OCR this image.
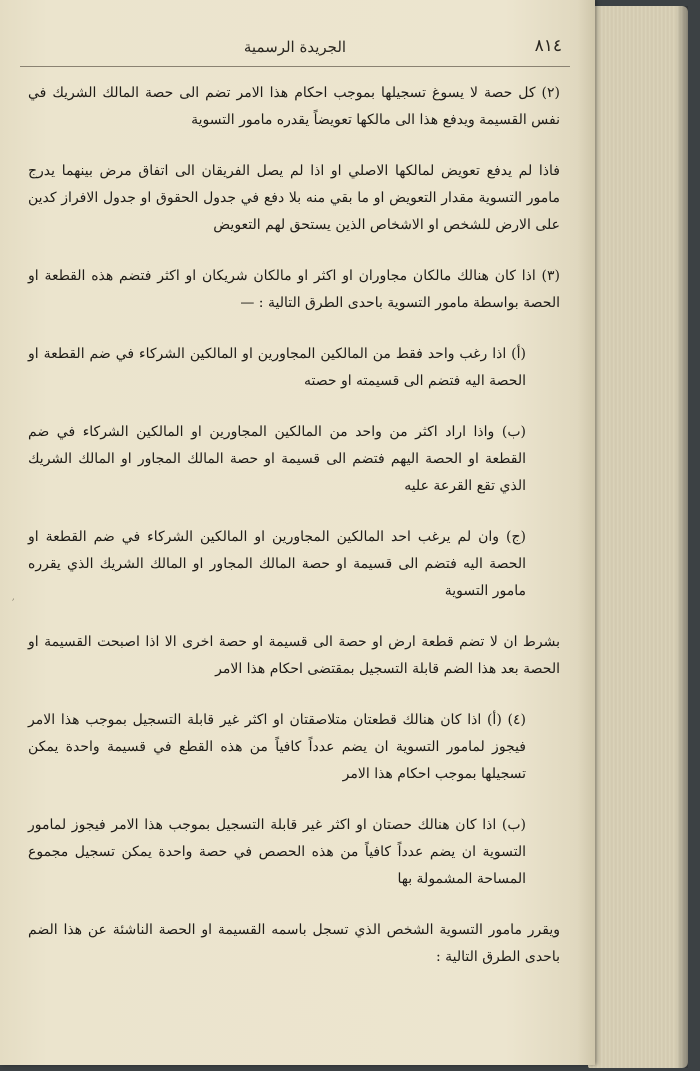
الجريدة الرسمية	٨١٤

(٢) كل حصة لا يسوغ تسجيلها بموجب احكام هذا الامر تضم الى حصة المالك الشريك في نفس القسيمة ويدفع هذا الى مالكها تعويضاً يقدره مامور التسوية

فاذا لم يدفع تعويض لمالكها الاصلي او اذا لم يصل الفريقان الى اتفاق مرض بينهما يدرج مامور التسوية مقدار التعويض او ما بقي منه بلا دفع في جدول الحقوق او جدول الافراز كدين على الارض للشخص او الاشخاص الذين يستحق لهم التعويض

(٣) اذا كان هنالك مالكان مجاوران او اكثر او مالكان شريكان او اكثر فتضم هذه القطعة او الحصة بواسطة مامور التسوية باحدى الطرق التالية : —

(أ) اذا رغب واحد فقط من المالكين المجاورين او المالكين الشركاء في ضم القطعة او الحصة اليه فتضم الى قسيمته او حصته

(ب) واذا اراد اكثر من واحد من المالكين المجاورين او المالكين الشركاء في ضم القطعة او الحصة اليهم فتضم الى قسيمة او حصة المالك المجاور او المالك الشريك الذي تقع القرعة عليه

(ج) وان لم يرغب احد المالكين المجاورين او المالكين الشركاء في ضم القطعة او الحصة اليه فتضم الى قسيمة او حصة المالك المجاور او المالك الشريك الذي يقرره مامور التسوية

بشرط ان لا تضم قطعة ارض او حصة الى قسيمة او حصة اخرى الا اذا اصبحت القسيمة او الحصة بعد هذا الضم قابلة التسجيل بمقتضى احكام هذا الامر

(٤) (أ) اذا كان هنالك قطعتان متلاصقتان او اكثر غير قابلة التسجيل بموجب هذا الامر فيجوز لمامور التسوية ان يضم عدداً كافياً من هذه القطع في قسيمة واحدة يمكن تسجيلها بموجب احكام هذا الامر

(ب) اذا كان هنالك حصتان او اكثر غير قابلة التسجيل بموجب هذا الامر فيجوز لمامور التسوية ان يضم عدداً كافياً من هذه الحصص في حصة واحدة يمكن تسجيل مجموع المساحة المشمولة بها

ويقرر مامور التسوية الشخص الذي تسجل باسمه القسيمة او الحصة الناشئة عن هذا الضم باحدى الطرق التالية :

׳
